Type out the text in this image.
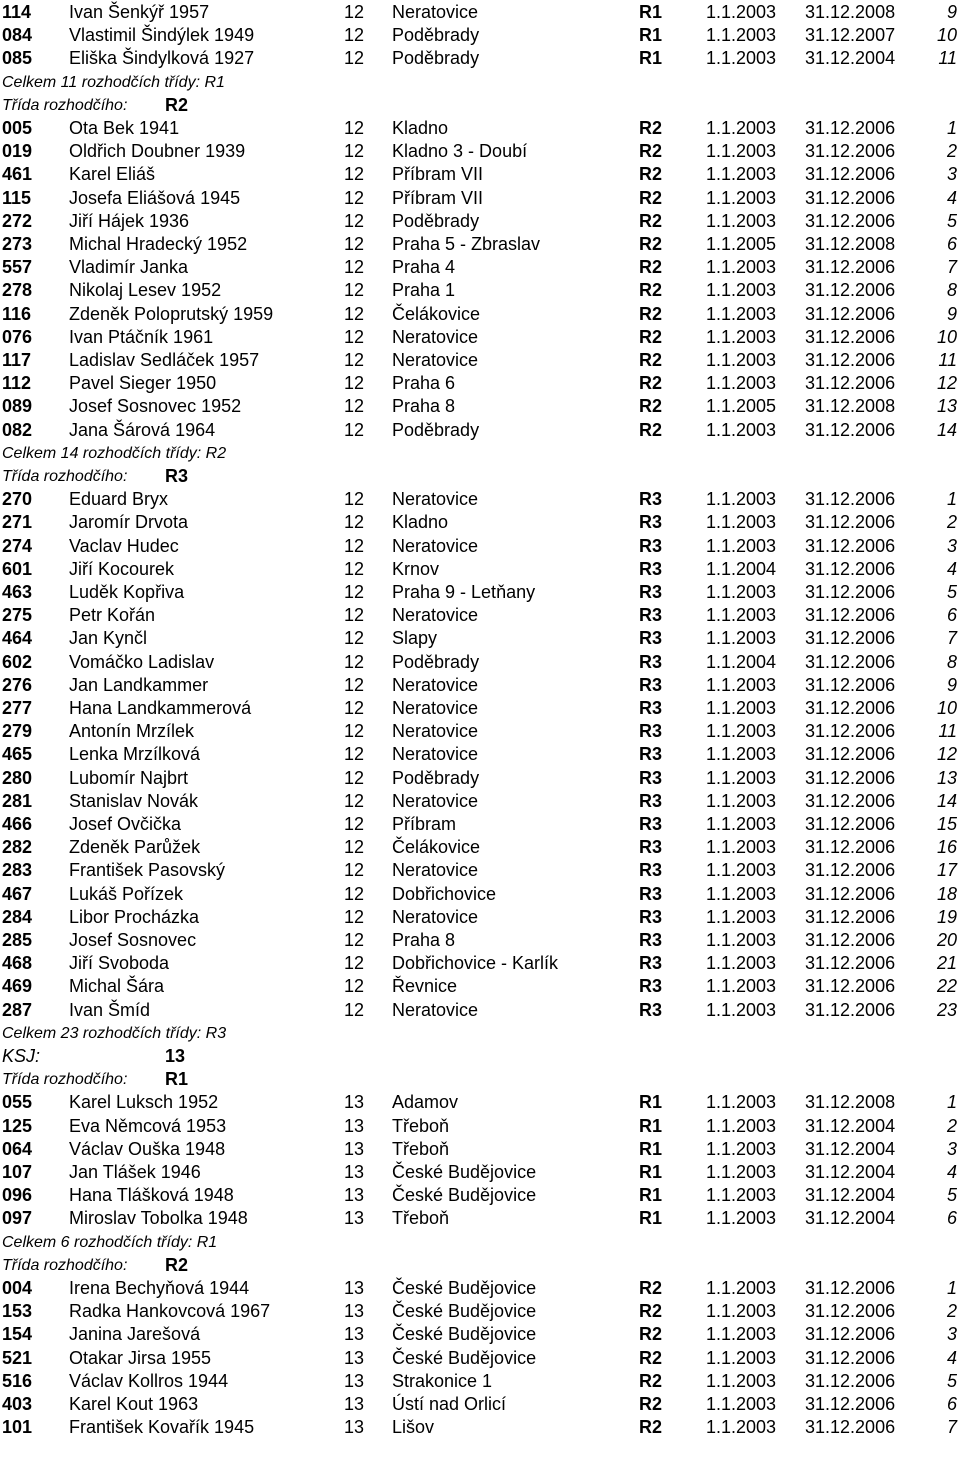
114 Ivan Šenkýř 1957	12 Neratovice	R1 1.1.2003 31.12.2008	9
084 Vlastimil Šindýlek 1949	12 Poděbrady	R1 1.1.2003 31.12.2007 10
085 Eliška Šindylková 1927	12 Poděbrady	R1 1.1.2003 31.12.2004 11
Celkem 11 rozhodčích třídy: R1
Třída rozhodčího: R2
005 Ota Bek 1941	12 Kladno	R2 1.1.2003 31.12.2006	1
019 Oldřich Doubner 1939	12 Kladno 3 - Doubí	R2 1.1.2003 31.12.2006	2
461 Karel Eliáš	12 Příbram VII	R2 1.1.2003 31.12.2006	3
115 Josefa Eliášová 1945	12 Příbram VII	R2 1.1.2003 31.12.2006	4
272 Jiří Hájek 1936	12 Poděbrady	R2 1.1.2003 31.12.2006	5
273 Michal Hradecký 1952	12 Praha 5 - Zbraslav	R2 1.1.2005 31.12.2008	6
557 Vladimír Janka	12 Praha 4	R2 1.1.2003 31.12.2006	7
278 Nikolaj Lesev 1952	12 Praha 1	R2 1.1.2003 31.12.2006	8
116 Zdeněk Poloprutský 1959	12 Čelákovice	R2 1.1.2003 31.12.2006	9
076 Ivan Ptáčník 1961	12 Neratovice	R2 1.1.2003 31.12.2006 10
117 Ladislav Sedláček 1957	12 Neratovice	R2 1.1.2003 31.12.2006 11
112 Pavel Sieger 1950	12 Praha 6	R2 1.1.2003 31.12.2006 12
089 Josef Sosnovec 1952	12 Praha 8	R2 1.1.2005 31.12.2008 13
082 Jana Šárová 1964	12 Poděbrady	R2 1.1.2003 31.12.2006 14
Celkem 14 rozhodčích třídy: R2
Třída rozhodčího: R3
270 Eduard Bryx	12 Neratovice	R3 1.1.2003 31.12.2006	1
271 Jaromír Drvota	12 Kladno	R3 1.1.2003 31.12.2006	2
274 Vaclav Hudec	12 Neratovice	R3 1.1.2003 31.12.2006	3
601 Jiří Kocourek	12 Krnov	R3 1.1.2004 31.12.2006	4
463 Luděk Kopřiva	12 Praha 9 - Letňany	R3 1.1.2003 31.12.2006	5
275 Petr Kořán	12 Neratovice	R3 1.1.2003 31.12.2006	6
464 Jan Kynčl	12 Slapy	R3 1.1.2003 31.12.2006	7
602 Vomáčko Ladislav	12 Poděbrady	R3 1.1.2004 31.12.2006	8
276 Jan Landkammer	12 Neratovice	R3 1.1.2003 31.12.2006	9
277 Hana Landkammerová	12 Neratovice	R3 1.1.2003 31.12.2006 10
279 Antonín Mrzílek	12 Neratovice	R3 1.1.2003 31.12.2006 11
465 Lenka Mrzílková	12 Neratovice	R3 1.1.2003 31.12.2006 12
280 Lubomír Najbrt	12 Poděbrady	R3 1.1.2003 31.12.2006 13
281 Stanislav Novák	12 Neratovice	R3 1.1.2003 31.12.2006 14
466 Josef Ovčička	12 Příbram	R3 1.1.2003 31.12.2006 15
282 Zdeněk Parůžek	12 Čelákovice	R3 1.1.2003 31.12.2006 16
283 František Pasovský	12 Neratovice	R3 1.1.2003 31.12.2006 17
467 Lukáš Pořízek	12 Dobřichovice	R3 1.1.2003 31.12.2006 18
284 Libor Procházka	12 Neratovice	R3 1.1.2003 31.12.2006 19
285 Josef Sosnovec	12 Praha 8	R3 1.1.2003 31.12.2006 20
468 Jiří Svoboda	12 Dobřichovice - Karlík	R3 1.1.2003 31.12.2006 21
469 Michal Šára	12 Řevnice	R3 1.1.2003 31.12.2006 22
287 Ivan Šmíd	12 Neratovice	R3 1.1.2003 31.12.2006 23
Celkem 23 rozhodčích třídy: R3
KSJ:	13
Třída rozhodčího: R1
055 Karel Luksch 1952	13 Adamov	R1 1.1.2003 31.12.2008	1
125 Eva Němcová 1953	13 Třeboň	R1 1.1.2003 31.12.2004	2
064 Václav Ouška 1948	13 Třeboň	R1 1.1.2003 31.12.2004	3
107 Jan Tlášek 1946	13 České Budějovice	R1 1.1.2003 31.12.2004	4
096 Hana Tlášková 1948	13 České Budějovice	R1 1.1.2003 31.12.2004	5
097 Miroslav Tobolka 1948	13 Třeboň	R1 1.1.2003 31.12.2004	6
Celkem 6 rozhodčích třídy: R1
Třída rozhodčího: R2
004 Irena Bechyňová 1944	13 České Budějovice	R2 1.1.2003 31.12.2006	1
153 Radka Hankovcová 1967	13 České Budějovice	R2 1.1.2003 31.12.2006	2
154 Janina Jarešová	13 České Budějovice	R2 1.1.2003 31.12.2006	3
521 Otakar Jirsa 1955	13 České Budějovice	R2 1.1.2003 31.12.2006	4
516 Václav Kollros 1944	13 Strakonice 1	R2 1.1.2003 31.12.2006	5
403 Karel Kout 1963	13 Ústí nad Orlicí	R2 1.1.2003 31.12.2006	6
101 František Kovařík 1945	13 Lišov	R2 1.1.2003 31.12.2006	7
